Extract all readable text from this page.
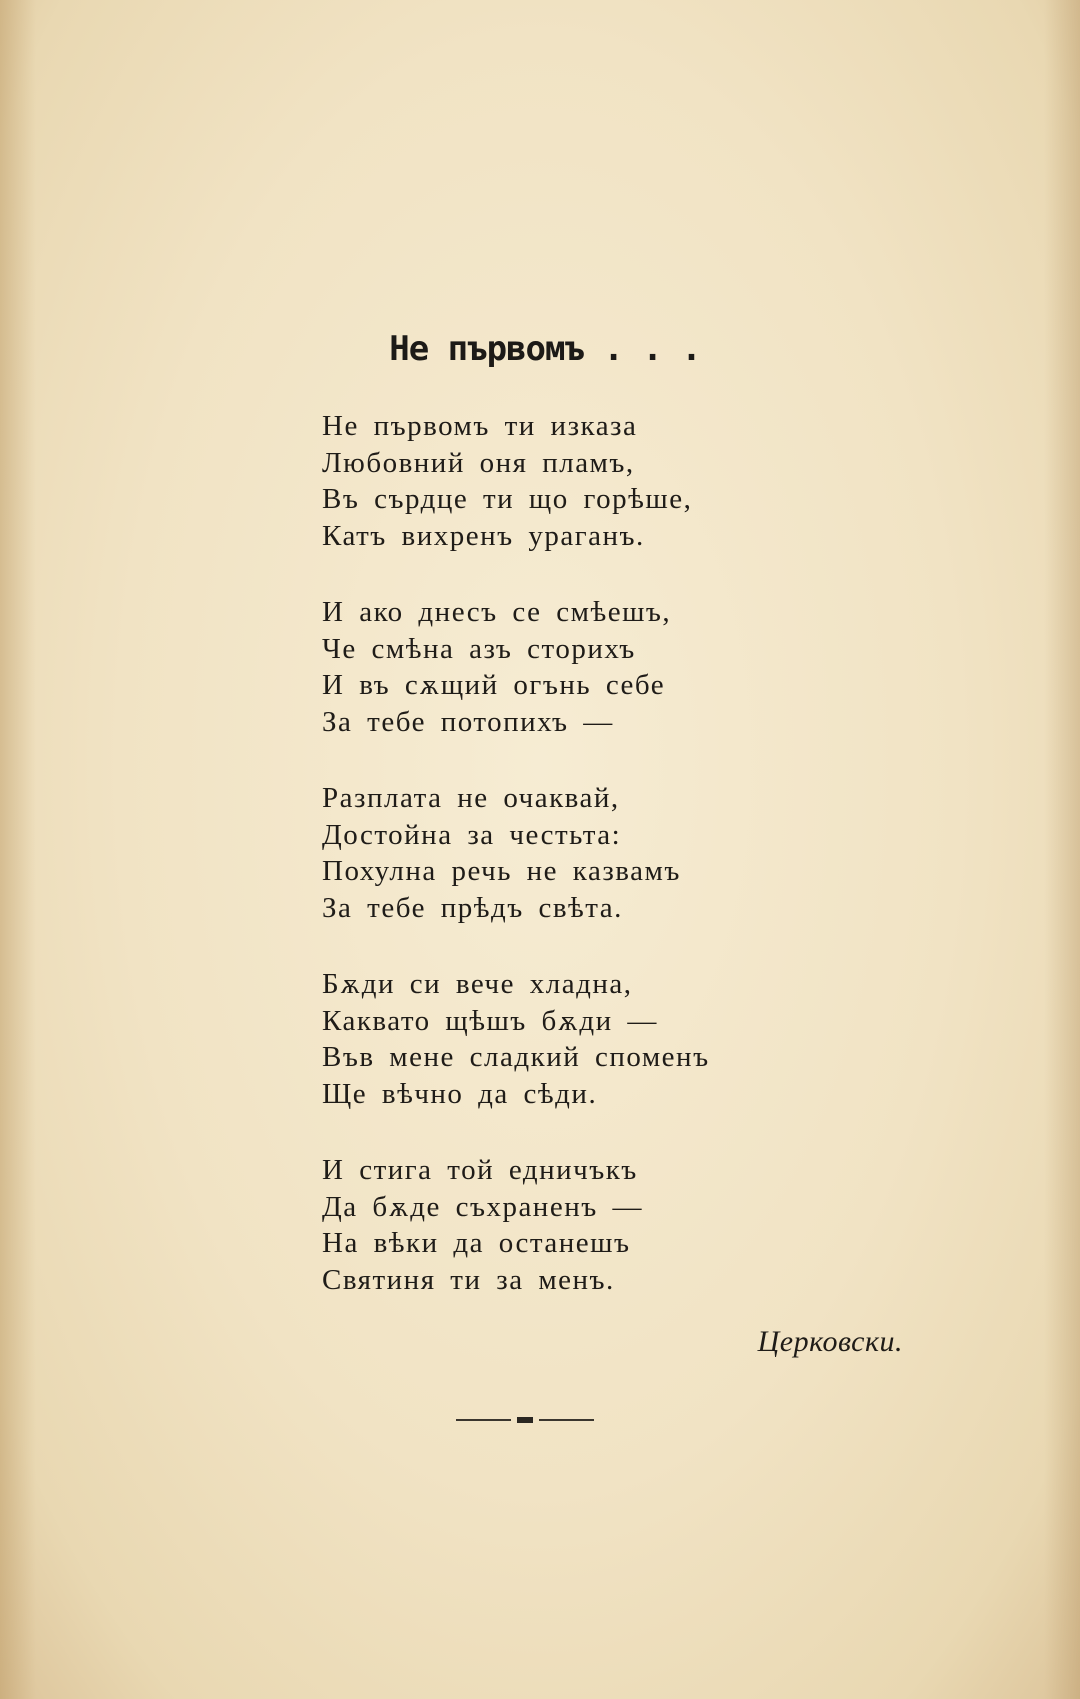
Не първомъ . . .
Не първомъ ти изказа
Любовний оня пламъ,
Въ сърдце ти що горѣше,
Катъ вихренъ ураганъ.
И ако днесъ се смѣешъ,
Че смѣна азъ сторихъ
И въ сѫщий огънь себе
За тебе потопихъ —
Разплата не очаквай,
Достойна за честьта:
Похулна речь не казвамъ
За тебе прѣдъ свѣта.
Бѫди си вече хладна,
Каквато щѣшъ бѫди —
Във мене сладкий споменъ
Ще вѣчно да сѣди.
И стига той едничъкъ
Да бѫде съхраненъ —
На вѣки да останешъ
Святиня ти за менъ.
Церковски.
